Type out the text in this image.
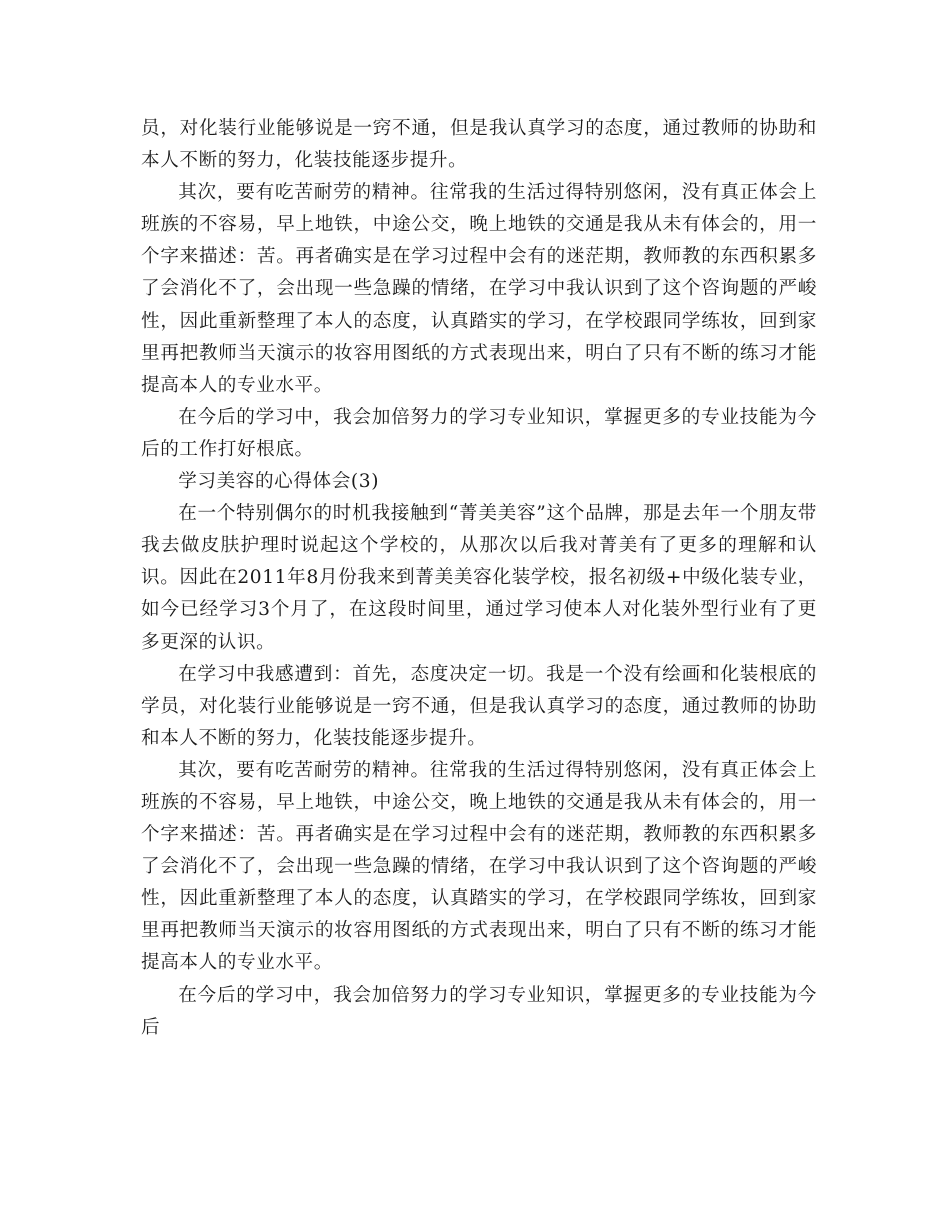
员，对化装行业能够说是一窍不通，但是我认真学习的态度，通过教师的协助和本人不断的努力，化装技能逐步提升。

其次，要有吃苦耐劳的精神。往常我的生活过得特别悠闲，没有真正体会上班族的不容易，早上地铁，中途公交，晚上地铁的交通是我从未有体会的，用一个字来描述：苦。再者确实是在学习过程中会有的迷茫期，教师教的东西积累多了会消化不了，会出现一些急躁的情绪，在学习中我认识到了这个咨询题的严峻性，因此重新整理了本人的态度，认真踏实的学习，在学校跟同学练妆，回到家里再把教师当天演示的妆容用图纸的方式表现出来，明白了只有不断的练习才能提高本人的专业水平。

在今后的学习中，我会加倍努力的学习专业知识，掌握更多的专业技能为今后的工作打好根底。

学习美容的心得体会(3)

在一个特别偶尔的时机我接触到“菁美美容”这个品牌，那是去年一个朋友带我去做皮肤护理时说起这个学校的，从那次以后我对菁美有了更多的理解和认识。因此在2011年8月份我来到菁美美容化装学校，报名初级+中级化装专业，如今已经学习3个月了，在这段时间里，通过学习使本人对化装外型行业有了更多更深的认识。

在学习中我感遭到：首先，态度决定一切。我是一个没有绘画和化装根底的学员，对化装行业能够说是一窍不通，但是我认真学习的态度，通过教师的协助和本人不断的努力，化装技能逐步提升。

其次，要有吃苦耐劳的精神。往常我的生活过得特别悠闲，没有真正体会上班族的不容易，早上地铁，中途公交，晚上地铁的交通是我从未有体会的，用一个字来描述：苦。再者确实是在学习过程中会有的迷茫期，教师教的东西积累多了会消化不了，会出现一些急躁的情绪，在学习中我认识到了这个咨询题的严峻性，因此重新整理了本人的态度，认真踏实的学习，在学校跟同学练妆，回到家里再把教师当天演示的妆容用图纸的方式表现出来，明白了只有不断的练习才能提高本人的专业水平。

在今后的学习中，我会加倍努力的学习专业知识，掌握更多的专业技能为今后
